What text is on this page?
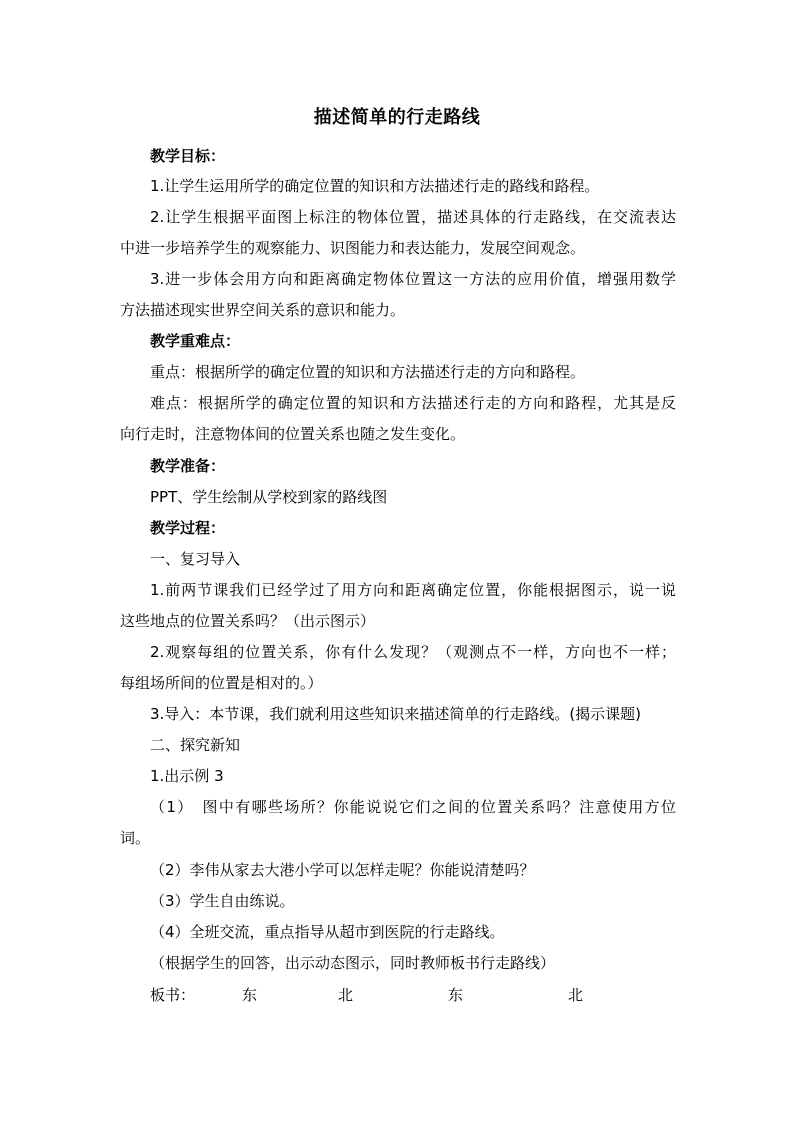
描述简单的行走路线
教学目标：
1.让学生运用所学的确定位置的知识和方法描述行走的路线和路程。
2.让学生根据平面图上标注的物体位置，描述具体的行走路线，在交流表达
中进一步培养学生的观察能力、识图能力和表达能力，发展空间观念。
3.进一步体会用方向和距离确定物体位置这一方法的应用价值，增强用数学
方法描述现实世界空间关系的意识和能力。
教学重难点：
重点：根据所学的确定位置的知识和方法描述行走的方向和路程。
难点：根据所学的确定位置的知识和方法描述行走的方向和路程，尤其是反
向行走时，注意物体间的位置关系也随之发生变化。
教学准备：
PPT、学生绘制从学校到家的路线图
教学过程：
一、复习导入
1.前两节课我们已经学过了用方向和距离确定位置，你能根据图示，说一说
这些地点的位置关系吗？（出示图示）
2.观察每组的位置关系，你有什么发现？（观测点不一样，方向也不一样；
每组场所间的位置是相对的。）
3.导入：本节课，我们就利用这些知识来描述简单的行走路线。(揭示课题)
二、探究新知
1.出示例 3
（1）　图中有哪些场所？你能说说它们之间的位置关系吗？注意使用方位
词。
（2）李伟从家去大港小学可以怎样走呢？你能说清楚吗？
（3）学生自由练说。
（4）全班交流，重点指导从超市到医院的行走路线。
（根据学生的回答，出示动态图示，同时教师板书行走路线）
板书：	东	北	东	北
